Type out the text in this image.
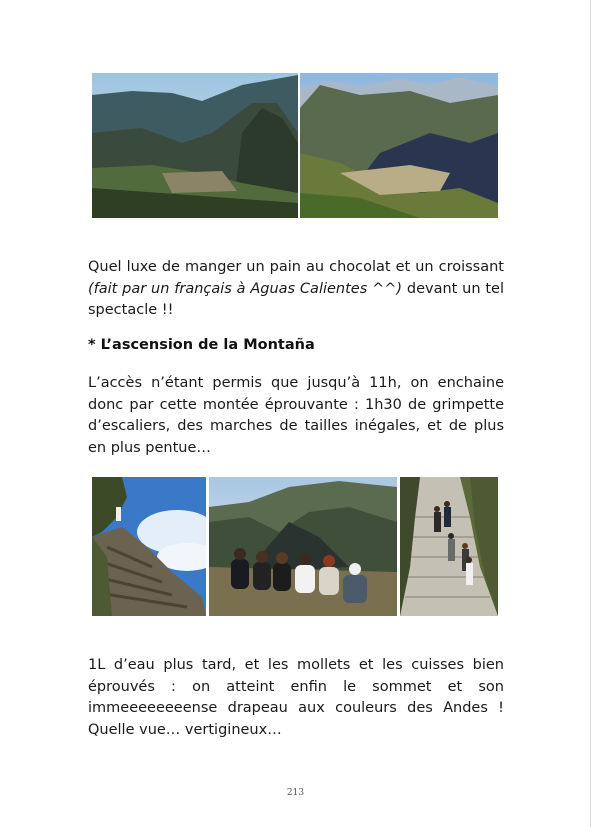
Quel luxe de manger un pain au chocolat et un croissant (fait par un français à Aguas Calientes ^^) devant un tel spectacle !!

* L’ascension de la Montaña

L’accès n’étant permis que jusqu’à 11h, on enchaine donc par cette montée éprouvante : 1h30 de grimpette d’escaliers, des marches de tailles inégales, et de plus en plus pentue…

1L d’eau plus tard, et les mollets et les cuisses bien éprouvés : on atteint enfin le sommet et son immeeeeeeeense drapeau aux couleurs des Andes ! Quelle vue… vertigineux…

213
